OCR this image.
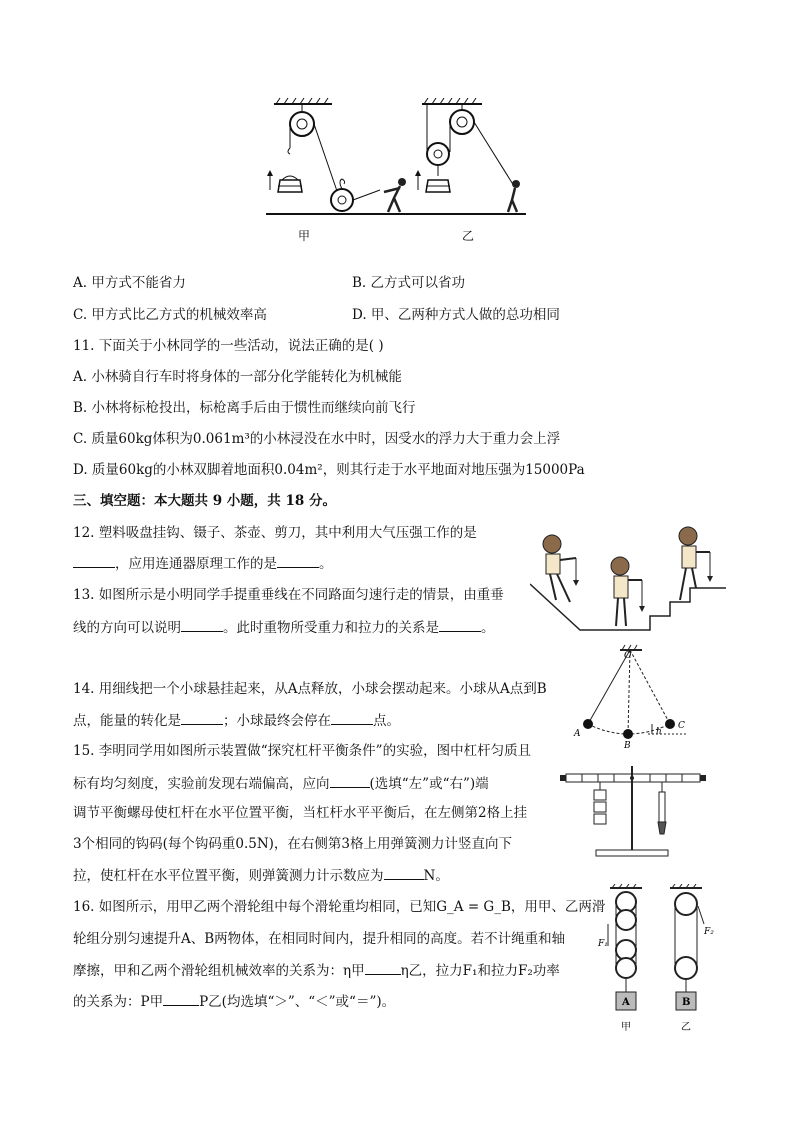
甲	乙
A. 甲方式不能省力	B. 乙方式可以省功
C. 甲方式比乙方式的机械效率高	D. 甲、乙两种方式人做的总功相同
11. 下面关于小林同学的一些活动，说法正确的是( )
A. 小林骑自行车时将身体的一部分化学能转化为机械能
B. 小林将标枪投出，标枪离手后由于惯性而继续向前飞行
C. 质量60kg体积为0.061m³的小林浸没在水中时，因受水的浮力大于重力会上浮
D. 质量60kg的小林双脚着地面积0.04m²，则其行走于水平地面对地压强为15000Pa
三、填空题：本大题共 9 小题，共 18 分。
12. 塑料吸盘挂钩、镊子、茶壶、剪刀，其中利用大气压强工作的是
，应用连通器原理工作的是	。
13. 如图所示是小明同学手提重垂线在不同路面匀速行走的情景，由重垂
线的方向可以说明	。此时重物所受重力和拉力的关系是	。
O
A
B
C
h
14. 用细线把一个小球悬挂起来，从A点释放，小球会摆动起来。小球从A点到B
点，能量的转化是	；小球最终会停在	点。
15. 李明同学用如图所示装置做“探究杠杆平衡条件”的实验，图中杠杆匀质且
标有均匀刻度，实验前发现右端偏高，应向	(选填“左”或“右”)端
调节平衡螺母使杠杆在水平位置平衡，当杠杆水平平衡后，在左侧第2格上挂
3个相同的钩码(每个钩码重0.5N)，在右侧第3格上用弹簧测力计竖直向下
拉，使杠杆在水平位置平衡，则弹簧测力计示数应为	N。
A
F₁
甲
B
F₂
乙
16. 如图所示，用甲乙两个滑轮组中每个滑轮重均相同，已知G_A = G_B，用甲、乙两滑
轮组分别匀速提升A、B两物体，在相同时间内，提升相同的高度。若不计绳重和轴
摩擦，甲和乙两个滑轮组机械效率的关系为：η甲	η乙，拉力F₁和拉力F₂功率
的关系为：P甲	P乙(均选填“＞”、“＜”或“＝”)。
